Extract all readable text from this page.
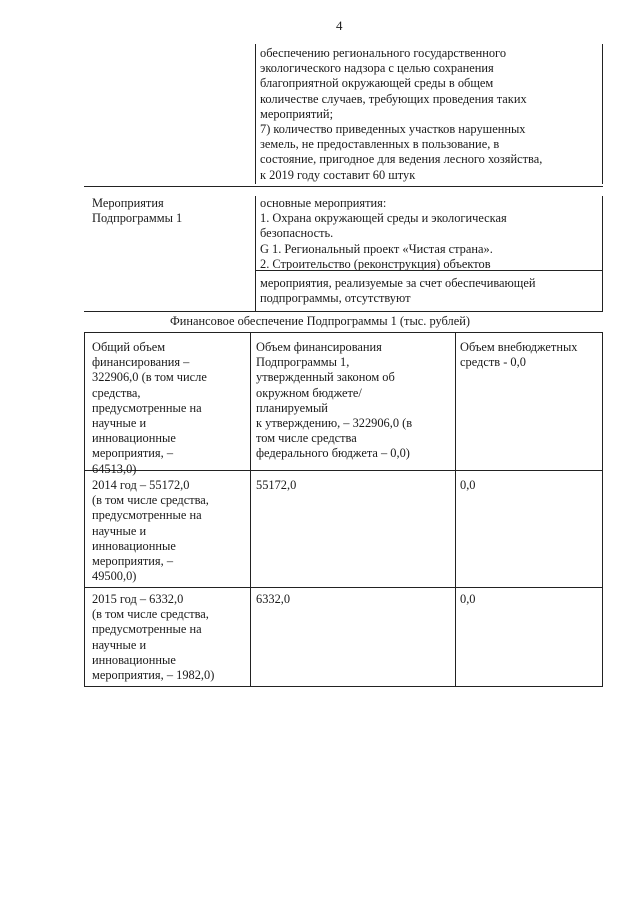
4
обеспечению регионального государственного
экологического надзора с целью сохранения
благоприятной окружающей среды в общем
количестве случаев, требующих проведения таких
мероприятий;
7) количество приведенных участков нарушенных
земель, не предоставленных в пользование, в
состояние, пригодное для ведения лесного хозяйства,
к 2019 году составит 60 штук
Мероприятия
Подпрограммы 1
основные мероприятия:
1. Охрана окружающей среды и экологическая
безопасность.
G 1. Региональный проект «Чистая страна».
2. Строительство (реконструкция) объектов
мероприятия, реализуемые за счет обеспечивающей
подпрограммы, отсутствуют
Финансовое обеспечение Подпрограммы 1 (тыс. рублей)
Общий объем
финансирования –
322906,0 (в том числе
средства,
предусмотренные на
научные и
инновационные
мероприятия, –
64513,0)
Объем финансирования
Подпрограммы 1,
утвержденный законом об
окружном бюджете/
планируемый
к утверждению, – 322906,0 (в
том числе средства
федерального бюджета – 0,0)
Объем внебюджетных
средств - 0,0
2014 год – 55172,0
(в том числе средства,
предусмотренные на
научные и
инновационные
мероприятия, –
49500,0)
55172,0	0,0
2015 год – 6332,0
(в том числе средства,
предусмотренные на
научные и
инновационные
мероприятия, – 1982,0)
6332,0	0,0
